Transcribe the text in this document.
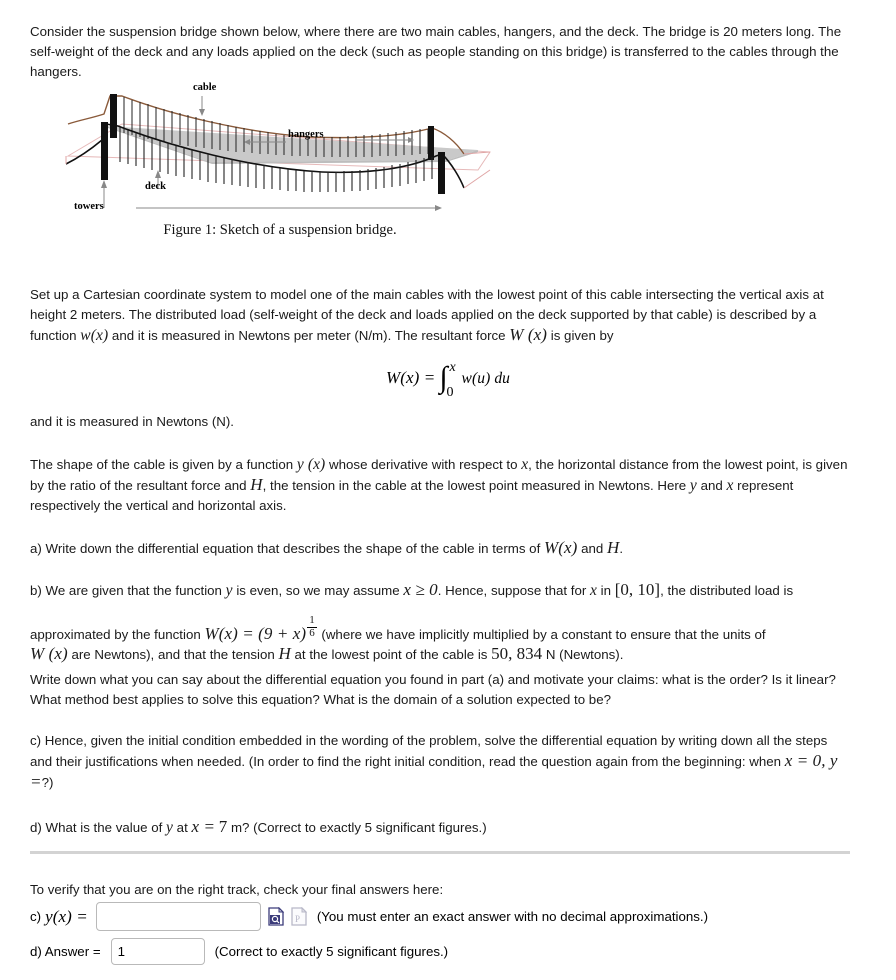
Consider the suspension bridge shown below, where there are two main cables, hangers, and the deck. The bridge is 20 meters long. The self-weight of the deck and any loads applied on the deck (such as people standing on this bridge) is transferred to the cables through the hangers.
cable
hangers
deck
towers
Figure 1: Sketch of a suspension bridge.
Set up a Cartesian coordinate system to model one of the main cables with the lowest point of this cable intersecting the vertical axis at height 2 meters. The distributed load (self-weight of the deck and loads applied on the deck supported by that cable) is described by a function w(x) and it is measured in Newtons per meter (N/m). The resultant force W (x) is given by
W(x) = ∫ x
0
w(u) du
and it is measured in Newtons (N).
The shape of the cable is given by a function y (x) whose derivative with respect to x, the horizontal distance from the lowest point, is given by the ratio of the resultant force and H, the tension in the cable at the lowest point measured in Newtons. Here y and x represent respectively the vertical and horizontal axis.
a) Write down the differential equation that describes the shape of the cable in terms of W(x) and H.
b) We are given that the function y is even, so we may assume x ≥ 0. Hence, suppose that for x in [0, 10], the distributed load is
approximated by the function $W(x) = (9 + x) \frac{1}{6}$ (where we have implicitly multiplied by a constant to ensure that the units of
W (x) are Newtons), and that the tension H at the lowest point of the cable is 50, 834 N (Newtons).
Write down what you can say about the differential equation you found in part (a) and motivate your claims: what is the order? Is it linear? What method best applies to solve this equation? What is the domain of a solution expected to be?
c) Hence, given the initial condition embedded in the wording of the problem, solve the differential equation by writing down all the steps and their justifications when needed. (In order to find the right initial condition, read the question again from the beginning: when x = 0, y =?)
d) What is the value of y at x = 7 m? (Correct to exactly 5 significant figures.)
To verify that you are on the right track, check your final answers here:
c) y(x) =	P (You must enter an exact answer with no decimal approximations.)
d) Answer =
1	(Correct to exactly 5 significant figures.)
